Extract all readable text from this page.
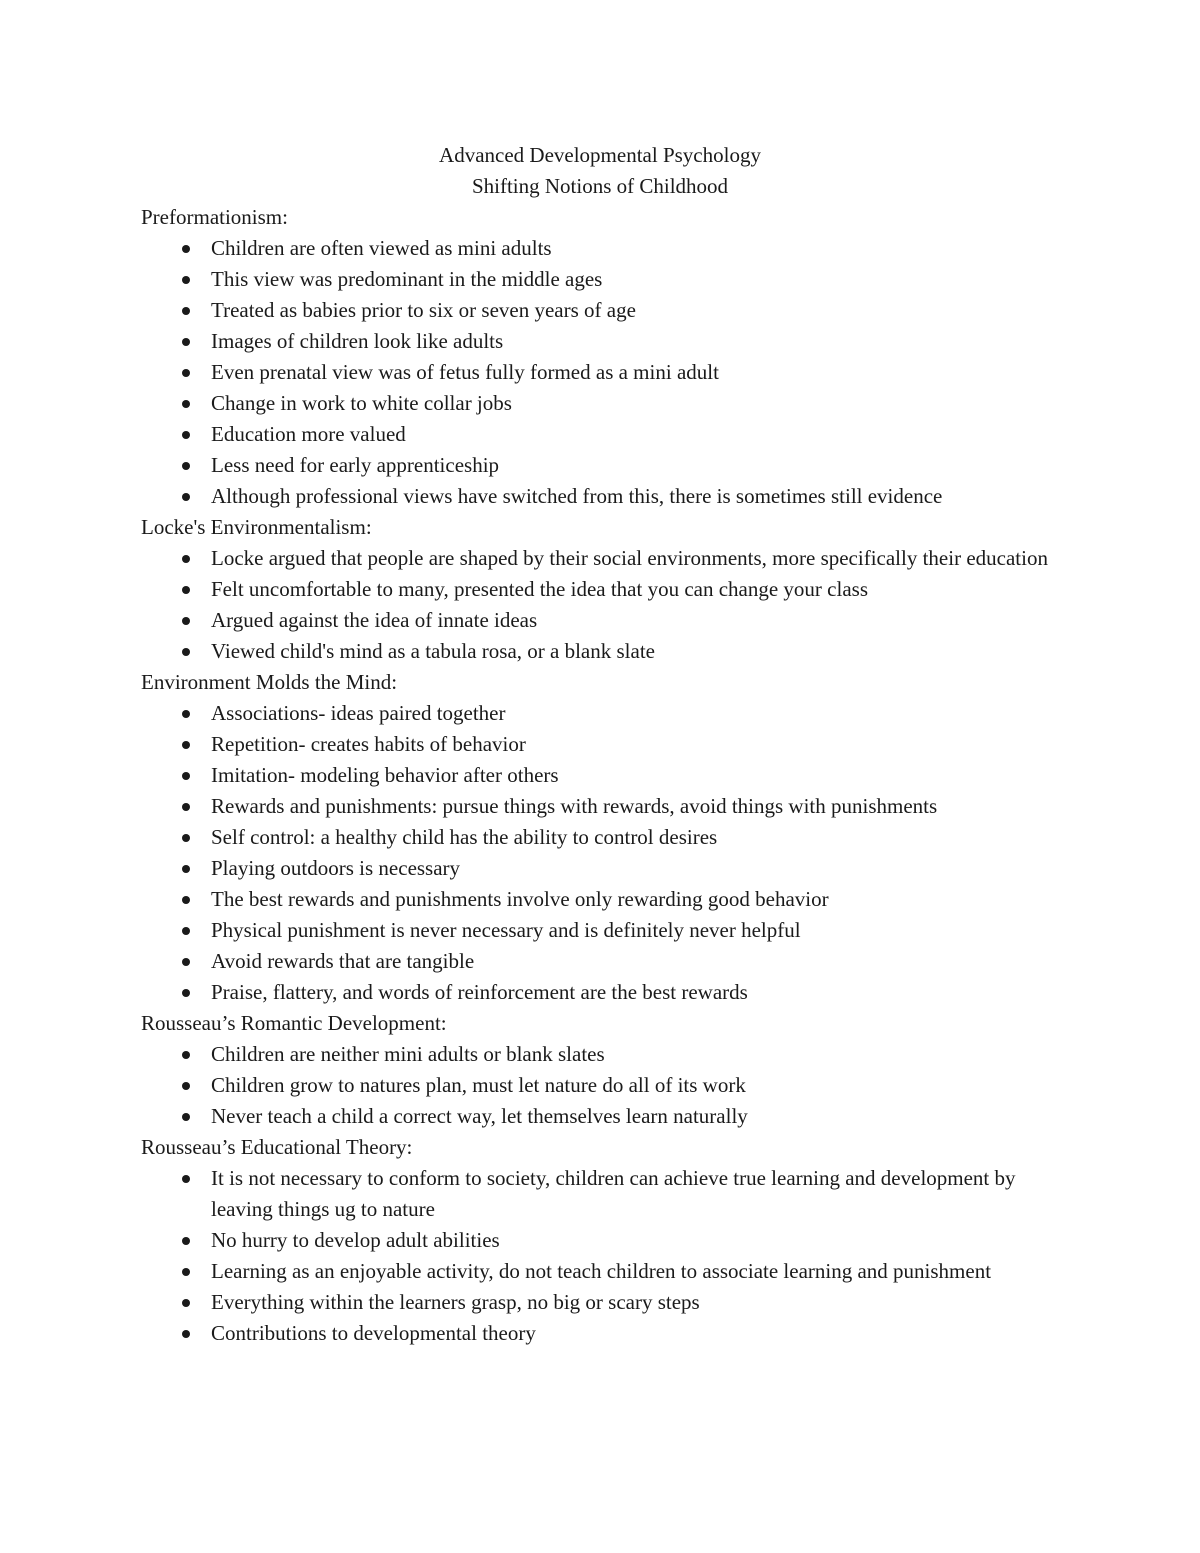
Advanced Developmental Psychology
Shifting Notions of Childhood
Preformationism:
Children are often viewed as mini adults
This view was predominant in the middle ages
Treated as babies prior to six or seven years of age
Images of children look like adults
Even prenatal view was of fetus fully formed as a mini adult
Change in work to white collar jobs
Education more valued
Less need for early apprenticeship
Although professional views have switched from this, there is sometimes still evidence
Locke's Environmentalism:
Locke argued that people are shaped by their social environments, more specifically their education
Felt uncomfortable to many, presented the idea that you can change your class
Argued against the idea of innate ideas
Viewed child's mind as a tabula rosa, or a blank slate
Environment Molds the Mind:
Associations- ideas paired together
Repetition- creates habits of behavior
Imitation- modeling behavior after others
Rewards and punishments: pursue things with rewards, avoid things with punishments
Self control: a healthy child has the ability to control desires
Playing outdoors is necessary
The best rewards and punishments involve only rewarding good behavior
Physical punishment is never necessary and is definitely never helpful
Avoid rewards that are tangible
Praise, flattery, and words of reinforcement are the best rewards
Rousseau’s Romantic Development:
Children are neither mini adults or blank slates
Children grow to natures plan, must let nature do all of its work
Never teach a child a correct way, let themselves learn naturally
Rousseau’s Educational Theory:
It is not necessary to conform to society, children can achieve true learning and development by leaving things ug to nature
No hurry to develop adult abilities
Learning as an enjoyable activity, do not teach children to associate learning and punishment
Everything within the learners grasp, no big or scary steps
Contributions to developmental theory
